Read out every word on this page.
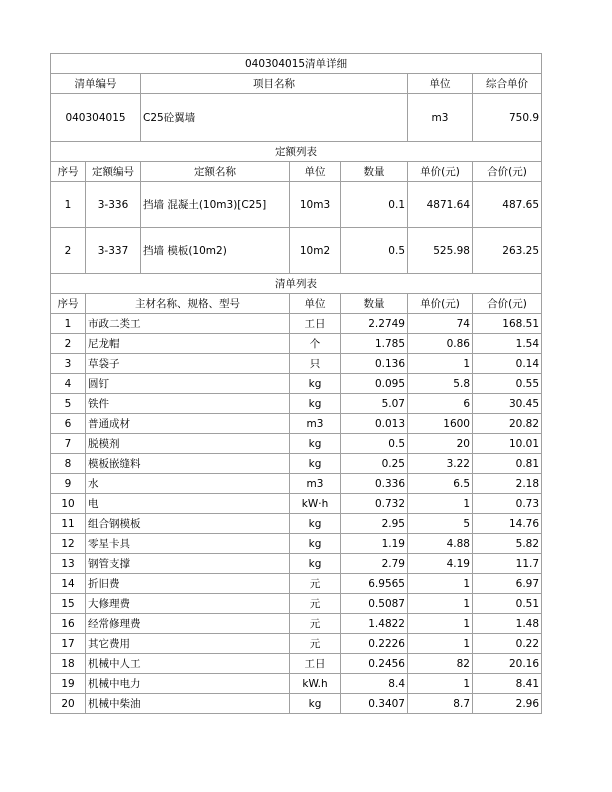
040304015清单详细						
清单编号		项目名称			单位	综合单价
040304015		C25砼翼墙			m3	750.9
定额列表						
序号	定额编号	定额名称	单位	数量	单价(元)	合价(元)
1	3-336	挡墙 混凝土(10m3)[C25]	10m3	0.1	4871.64	487.65
2	3-337	挡墙 模板(10m2)	10m2	0.5	525.98	263.25
清单列表						
序号	主材名称、规格、型号		单位	数量	单价(元)	合价(元)
1	市政二类工		工日	2.2749	74	168.51
2	尼龙帽		个	1.785	0.86	1.54
3	草袋子		只	0.136	1	0.14
4	圆钉		kg	0.095	5.8	0.55
5	铁件		kg	5.07	6	30.45
6	普通成材		m3	0.013	1600	20.82
7	脱模剂		kg	0.5	20	10.01
8	模板嵌缝料		kg	0.25	3.22	0.81
9	水		m3	0.336	6.5	2.18
10	电		kW·h	0.732	1	0.73
11	组合钢模板		kg	2.95	5	14.76
12	零星卡具		kg	1.19	4.88	5.82
13	钢管支撑		kg	2.79	4.19	11.7
14	折旧费		元	6.9565	1	6.97
15	大修理费		元	0.5087	1	0.51
16	经常修理费		元	1.4822	1	1.48
17	其它费用		元	0.2226	1	0.22
18	机械中人工		工日	0.2456	82	20.16
19	机械中电力		kW.h	8.4	1	8.41
20	机械中柴油		kg	0.3407	8.7	2.96
